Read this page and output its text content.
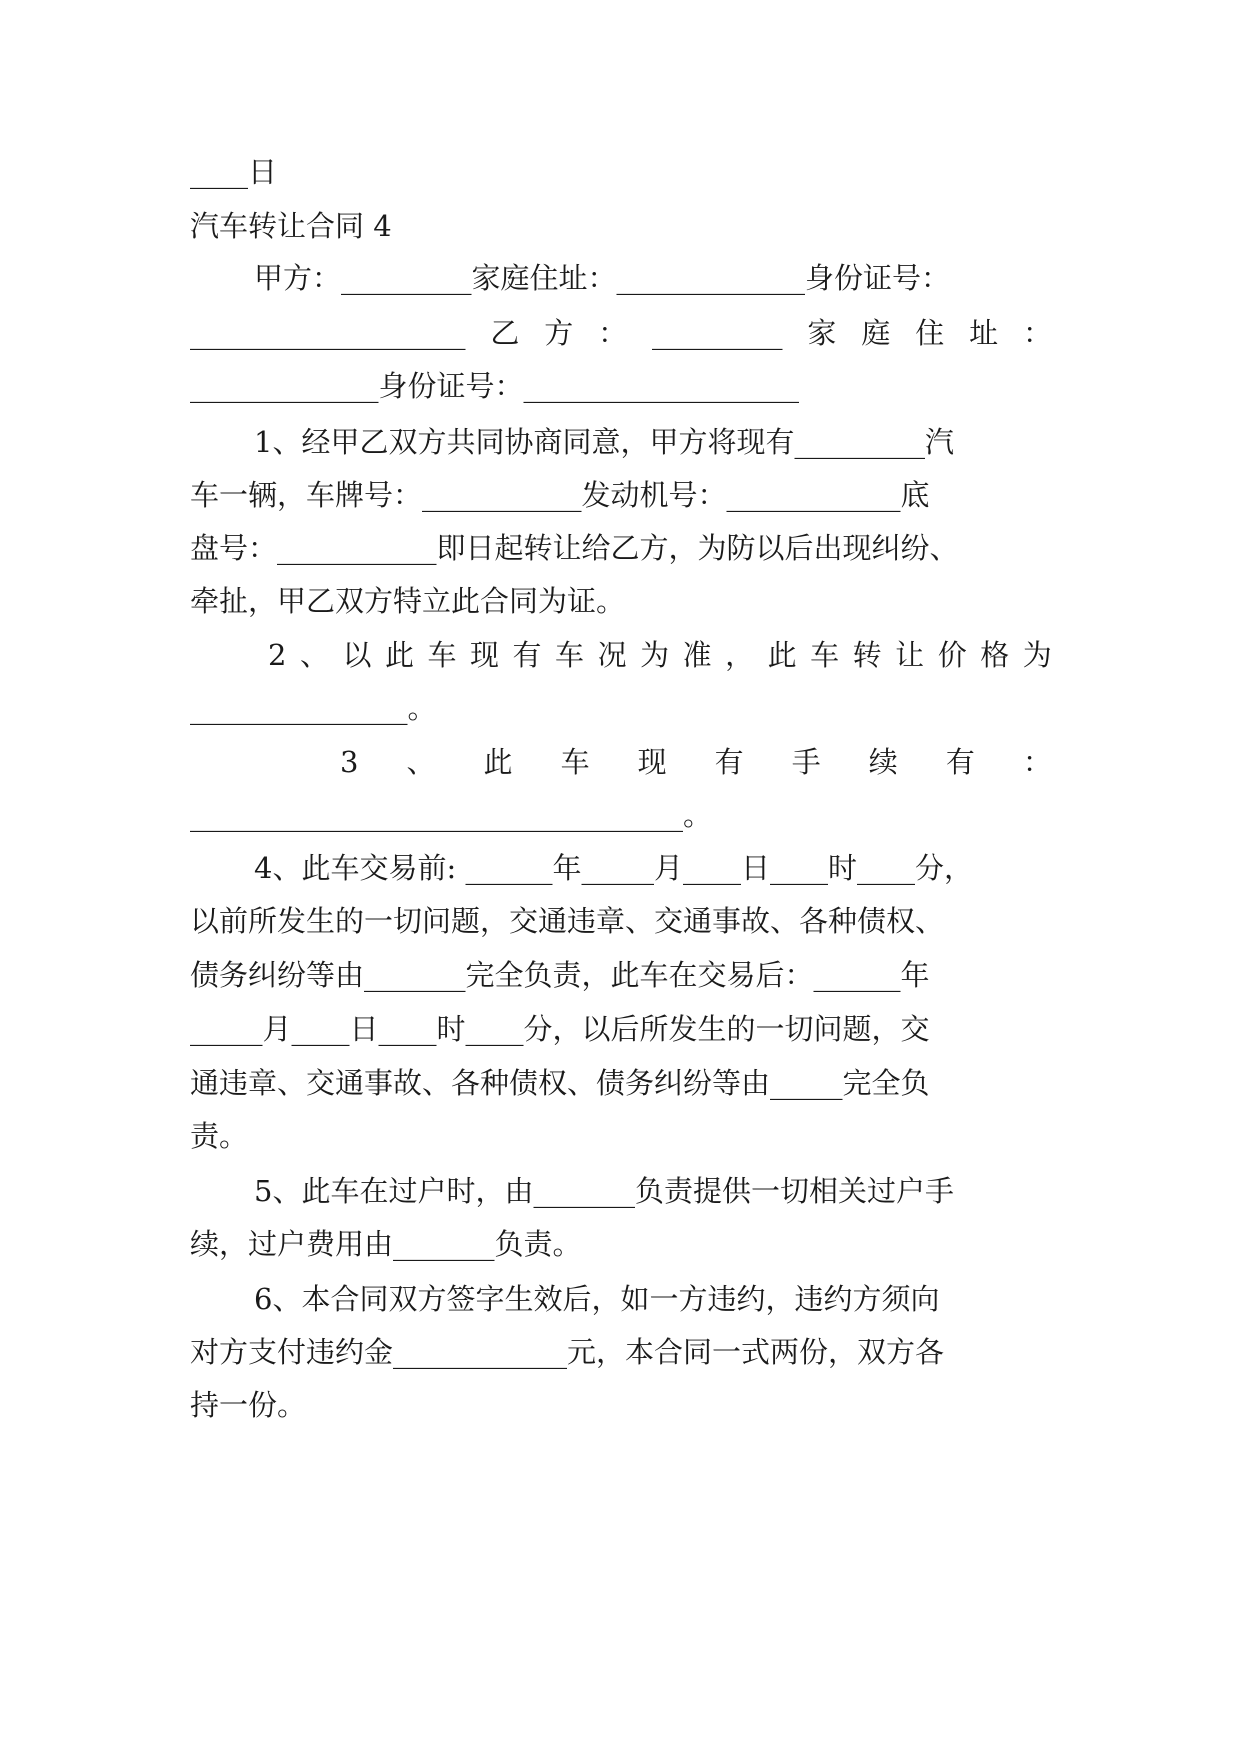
____日
汽车转让合同 4
甲方：_________家庭住址：_____________身份证号：
___________________ 乙 方 ： _________ 家 庭 住 址 ：
_____________身份证号：___________________
1、经甲乙双方共同协商同意，甲方将现有_________汽
车一辆，车牌号：___________发动机号：____________底
盘号：___________即日起转让给乙方，为防以后出现纠纷、
牵扯，甲乙双方特立此合同为证。
2 、 以 此 车 现 有 车 况 为 准 ， 此 车 转 让 价 格 为
_______________。
3 、 此 车 现 有 手 续 有 ：
__________________________________。
4、此车交易前: ______年_____月____日____时____分，
以前所发生的一切问题，交通违章、交通事故、各种债权、
债务纠纷等由_______完全负责，此车在交易后：______年
_____月____日____时____分，以后所发生的一切问题，交
通违章、交通事故、各种债权、债务纠纷等由_____完全负
责。
5、此车在过户时，由_______负责提供一切相关过户手
续，过户费用由_______负责。
6、本合同双方签字生效后，如一方违约，违约方须向
对方支付违约金____________元，本合同一式两份，双方各
持一份。
